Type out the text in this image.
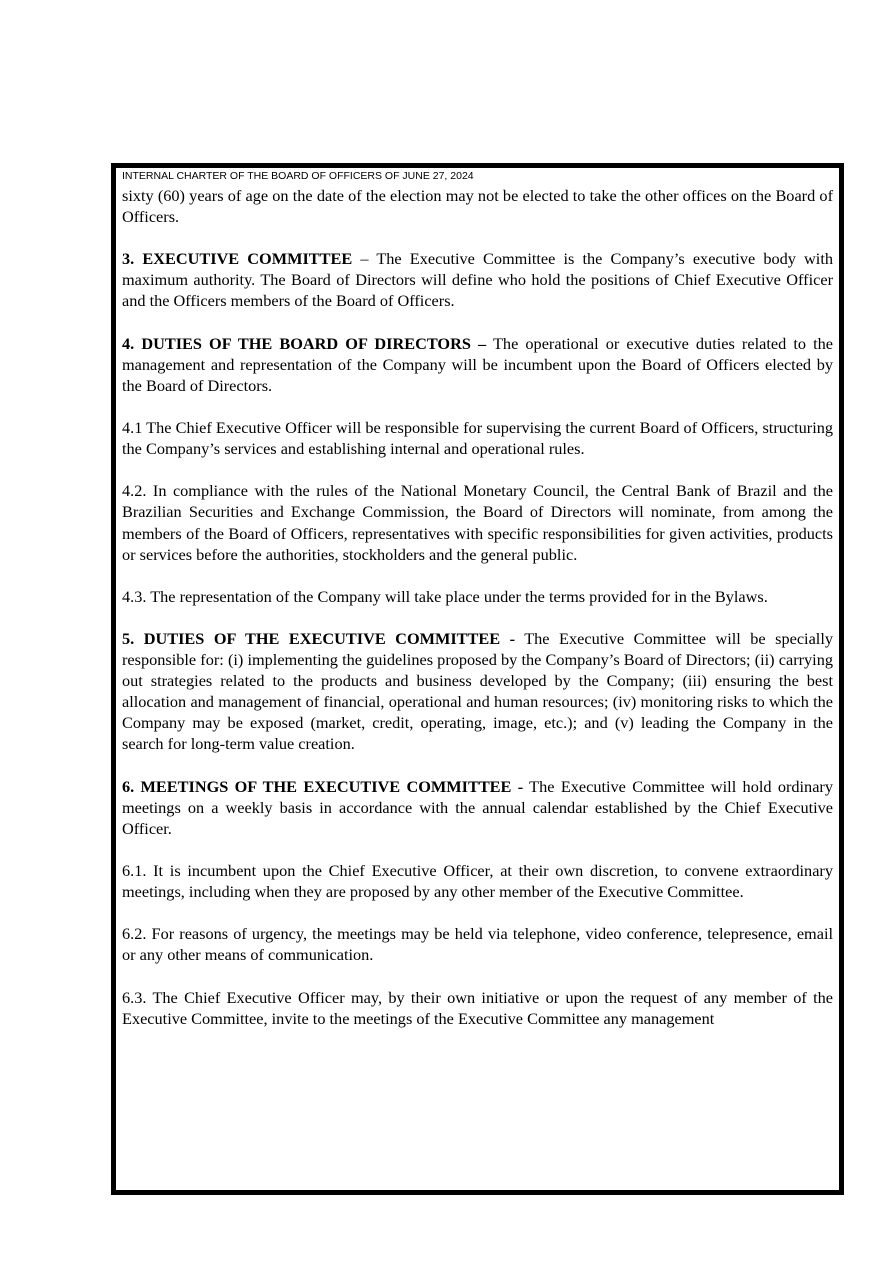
INTERNAL CHARTER OF THE BOARD OF OFFICERS OF JUNE 27, 2024

sixty (60) years of age on the date of the election may not be elected to take the other offices on the Board of Officers.

3. EXECUTIVE COMMITTEE – The Executive Committee is the Company’s executive body with maximum authority. The Board of Directors will define who hold the positions of Chief Executive Officer and the Officers members of the Board of Officers.

4. DUTIES OF THE BOARD OF DIRECTORS – The operational or executive duties related to the management and representation of the Company will be incumbent upon the Board of Officers elected by the Board of Directors.

4.1 The Chief Executive Officer will be responsible for supervising the current Board of Officers, structuring the Company’s services and establishing internal and operational rules.

4.2. In compliance with the rules of the National Monetary Council, the Central Bank of Brazil and the Brazilian Securities and Exchange Commission, the Board of Directors will nominate, from among the members of the Board of Officers, representatives with specific responsibilities for given activities, products or services before the authorities, stockholders and the general public.

4.3. The representation of the Company will take place under the terms provided for in the Bylaws.

5. DUTIES OF THE EXECUTIVE COMMITTEE - The Executive Committee will be specially responsible for: (i) implementing the guidelines proposed by the Company’s Board of Directors; (ii) carrying out strategies related to the products and business developed by the Company; (iii) ensuring the best allocation and management of financial, operational and human resources; (iv) monitoring risks to which the Company may be exposed (market, credit, operating, image, etc.); and (v) leading the Company in the search for long-term value creation.

6. MEETINGS OF THE EXECUTIVE COMMITTEE - The Executive Committee will hold ordinary meetings on a weekly basis in accordance with the annual calendar established by the Chief Executive Officer.

6.1. It is incumbent upon the Chief Executive Officer, at their own discretion, to convene extraordinary meetings, including when they are proposed by any other member of the Executive Committee.

6.2. For reasons of urgency, the meetings may be held via telephone, video conference, telepresence, email or any other means of communication.

6.3. The Chief Executive Officer may, by their own initiative or upon the request of any member of the Executive Committee, invite to the meetings of the Executive Committee any management
